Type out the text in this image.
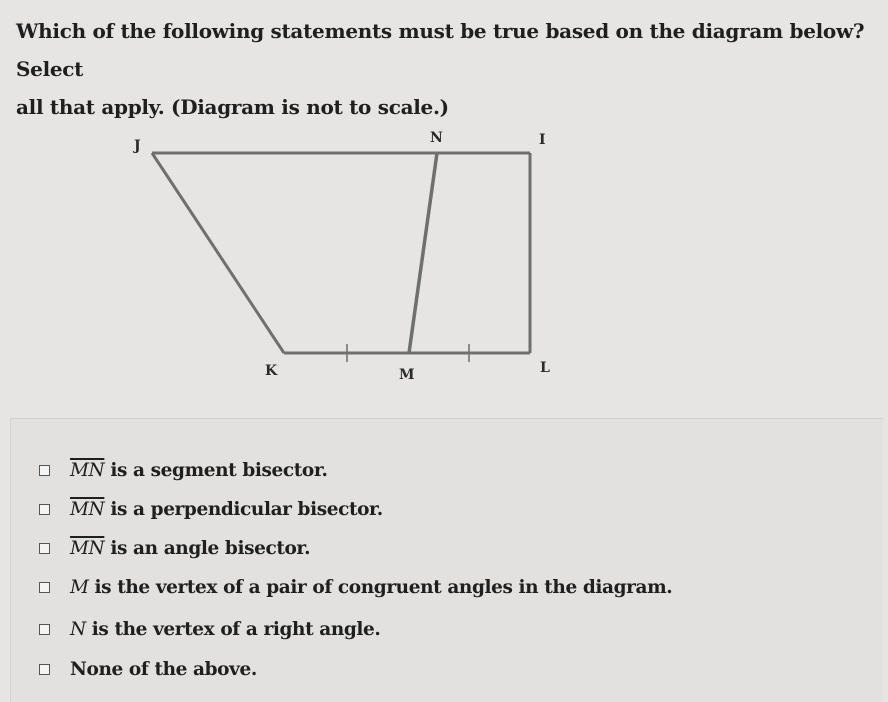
Which of the following statements must be true based on the diagram below? Select

all that apply. (Diagram is not to scale.)

J	N	I
K	M	L
$\overline{MN}$ is a segment bisector.
$\overline{MN}$ is a perpendicular bisector.
$\overline{MN}$ is an angle bisector.
M is the vertex of a pair of congruent angles in the diagram.
N is the vertex of a right angle.
None of the above.
